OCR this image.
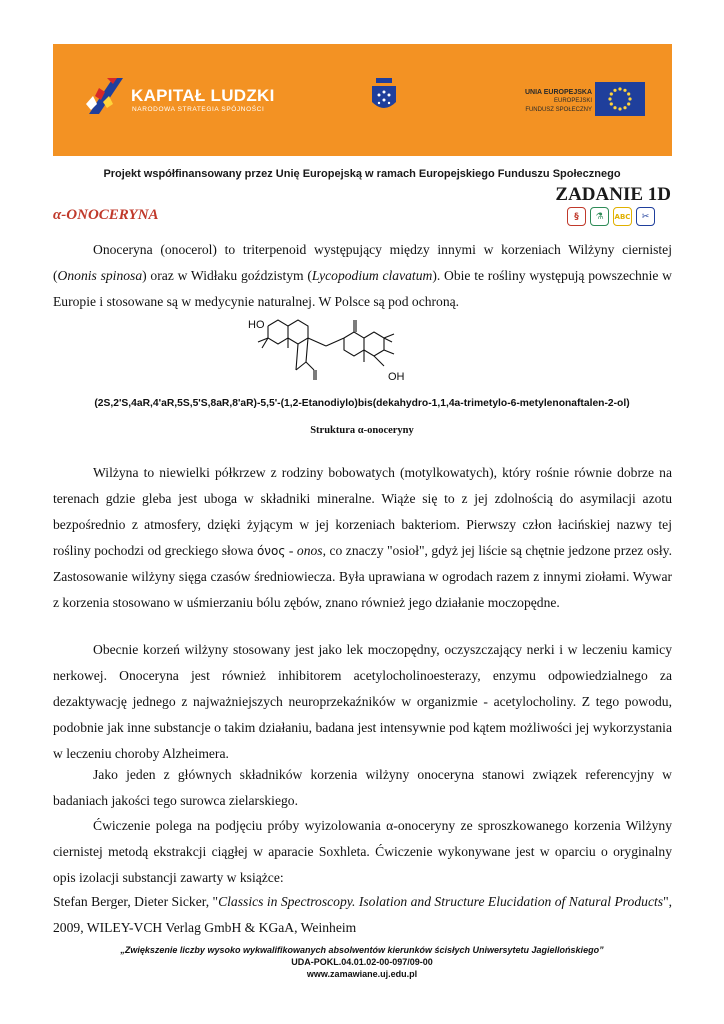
KAPITAŁ LUDZKI
NARODOWA STRATEGIA SPÓJNOŚCI
UNIA EUROPEJSKA
EUROPEJSKI
FUNDUSZ SPOŁECZNY
Projekt współfinansowany przez Unię Europejską w ramach Europejskiego Funduszu Społecznego
ZADANIE 1D
α-ONOCERYNA	§	⚗	ABC	✂

Onoceryna (onocerol) to triterpenoid występujący między innymi w korzeniach Wilżyny ciernistej (Ononis spinosa) oraz w Widłaku goździstym (Lycopodium clavatum). Obie te rośliny występują powszechnie w Europie i stosowane są w medycynie naturalnej. W Polsce są pod ochroną.

HO
OH
(2S,2'S,4aR,4'aR,5S,5'S,8aR,8'aR)-5,5'-(1,2-Etanodiylo)bis(dekahydro-1,1,4a-trimetylo-6-metylenonaftalen-2-ol)
Struktura α-onoceryny

Wilżyna to niewielki półkrzew z rodziny bobowatych (motylkowatych), który rośnie równie dobrze na terenach gdzie gleba jest uboga w składniki mineralne. Wiąże się to z jej zdolnością do asymilacji azotu bezpośrednio z atmosfery, dzięki żyjącym w jej korzeniach bakteriom. Pierwszy człon łacińskiej nazwy tej rośliny pochodzi od greckiego słowa όνος - onos, co znaczy "osioł", gdyż jej liście są chętnie jedzone przez osły. Zastosowanie wilżyny sięga czasów średniowiecza. Była uprawiana w ogrodach razem z innymi ziołami. Wywar z korzenia stosowano w uśmierzaniu bólu zębów, znano również jego działanie moczopędne.

Obecnie korzeń wilżyny stosowany jest jako lek moczopędny, oczyszczający nerki i w leczeniu kamicy nerkowej. Onoceryna jest również inhibitorem acetylocholinoesterazy, enzymu odpowiedzialnego za dezaktywację jednego z najważniejszych neuroprzekaźników w organizmie - acetylocholiny. Z tego powodu, podobnie jak inne substancje o takim działaniu, badana jest intensywnie pod kątem możliwości jej wykorzystania w leczeniu choroby Alzheimera.

Jako jeden z głównych składników korzenia wilżyny onoceryna stanowi związek referencyjny w badaniach jakości tego surowca zielarskiego.

Ćwiczenie polega na podjęciu próby wyizolowania α-onoceryny ze sproszkowanego korzenia Wilżyny ciernistej metodą ekstrakcji ciągłej w aparacie Soxhleta. Ćwiczenie wykonywane jest w oparciu o oryginalny opis izolacji substancji zawarty w książce:

Stefan Berger, Dieter Sicker, "Classics in Spectroscopy. Isolation and Structure Elucidation of Natural Products", 2009, WILEY-VCH Verlag GmbH & KGaA, Weinheim

„Zwiększenie liczby wysoko wykwalifikowanych absolwentów kierunków ścisłych Uniwersytetu Jagiellońskiego”
UDA-POKL.04.01.02-00-097/09-00
www.zamawiane.uj.edu.pl
